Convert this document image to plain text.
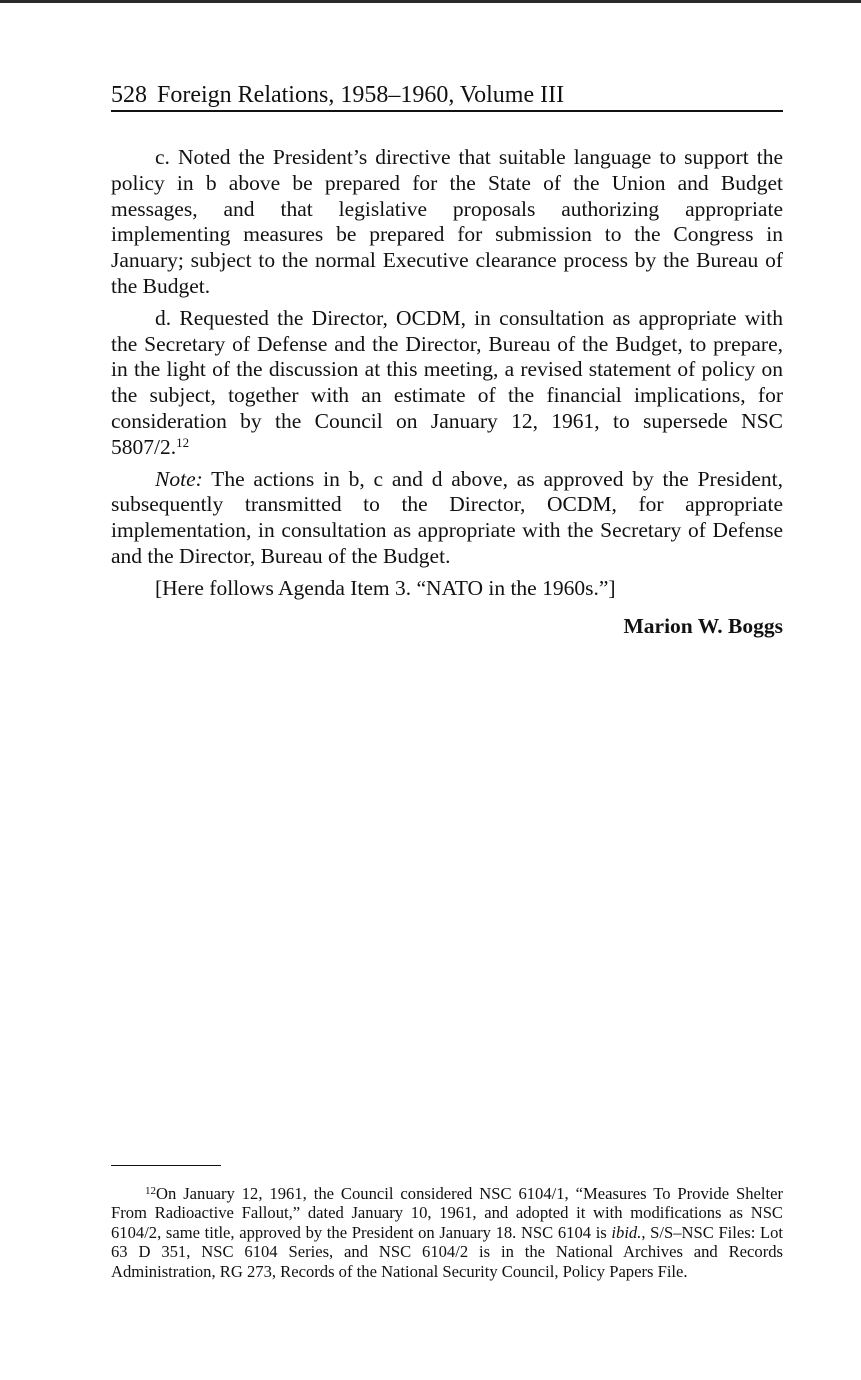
528 Foreign Relations, 1958–1960, Volume III

c. Noted the President’s directive that suitable language to support the policy in b above be prepared for the State of the Union and Budget messages, and that legislative proposals authorizing appropriate implementing measures be prepared for submission to the Congress in January; subject to the normal Executive clearance process by the Bureau of the Budget.

d. Requested the Director, OCDM, in consultation as appropriate with the Secretary of Defense and the Director, Bureau of the Budget, to prepare, in the light of the discussion at this meeting, a revised statement of policy on the subject, together with an estimate of the financial implications, for consideration by the Council on January 12, 1961, to supersede NSC 5807/2.12

Note: The actions in b, c and d above, as approved by the President, subsequently transmitted to the Director, OCDM, for appropriate implementation, in consultation as appropriate with the Secretary of Defense and the Director, Bureau of the Budget.

[Here follows Agenda Item 3. “NATO in the 1960s.”]

Marion W. Boggs

$^{12}$On January 12, 1961, the Council considered NSC 6104/1, “Measures To Provide Shelter From Radioactive Fallout,” dated January 10, 1961, and adopted it with modifications as NSC 6104/2, same title, approved by the President on January 18. NSC 6104 is ibid., S/S–NSC Files: Lot 63 D 351, NSC 6104 Series, and NSC 6104/2 is in the National Archives and Records Administration, RG 273, Records of the National Security Council, Policy Papers File.
